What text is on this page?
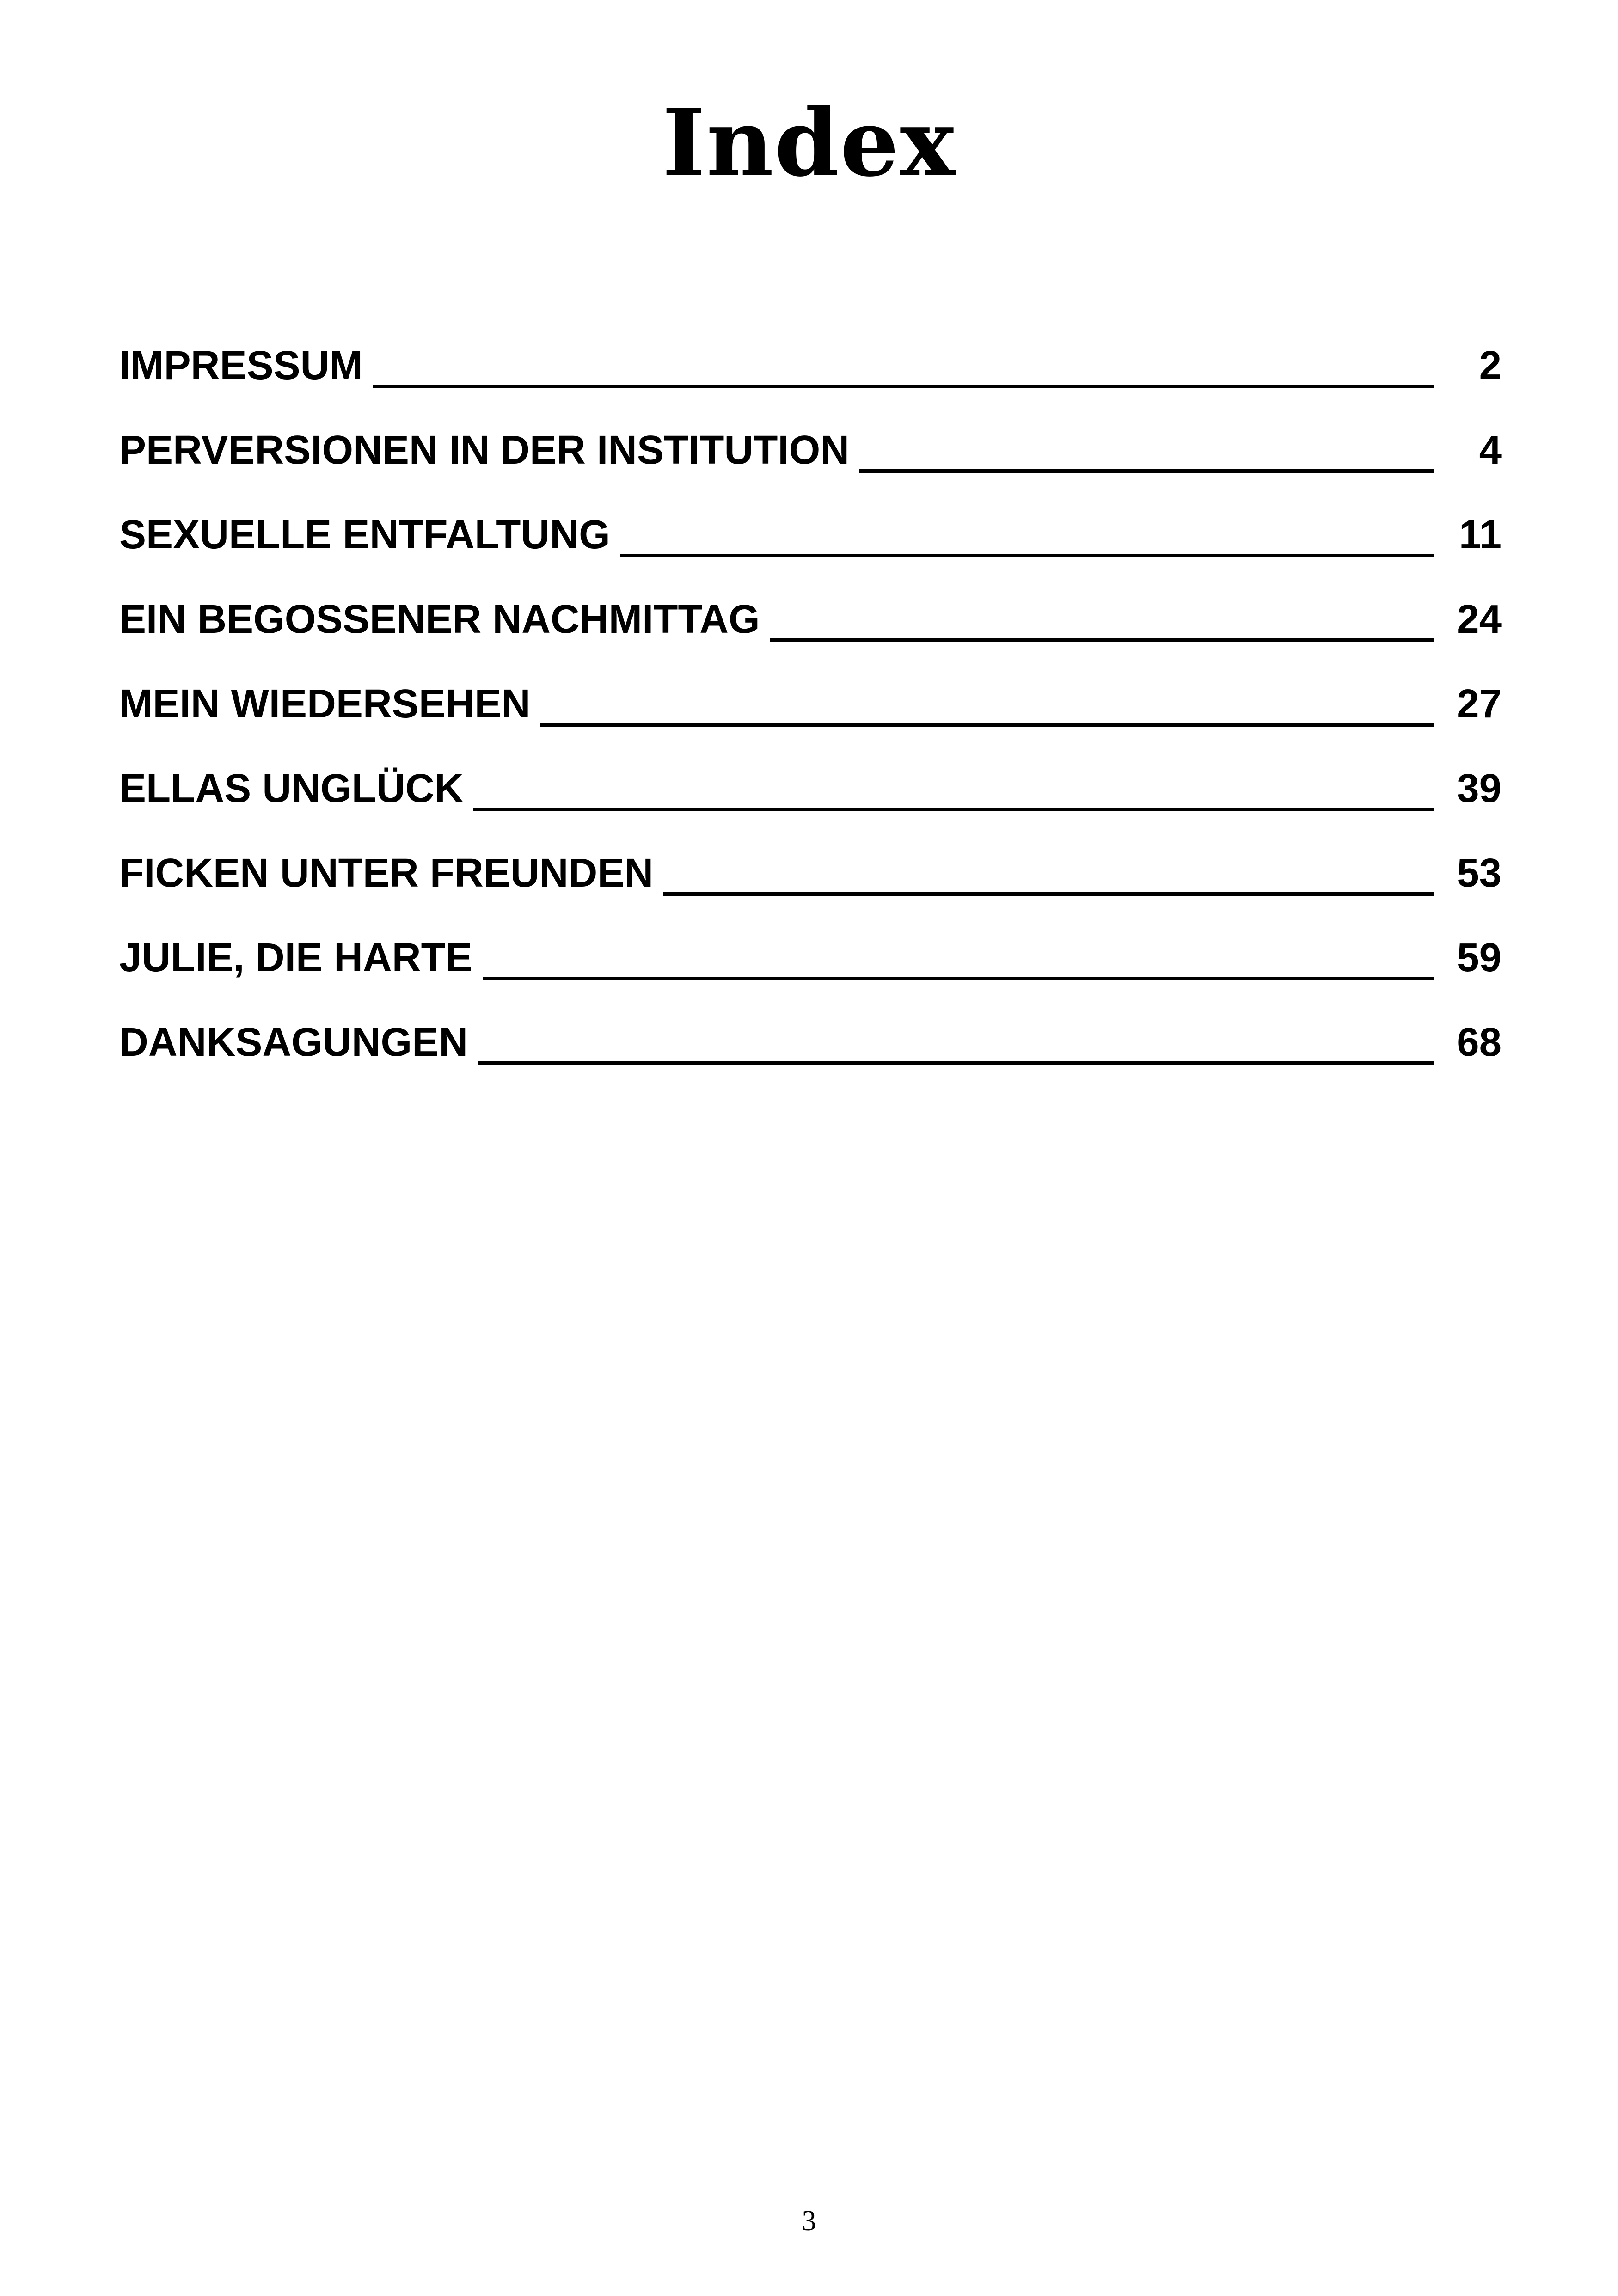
Index
IMPRESSUM	2
PERVERSIONEN IN DER INSTITUTION	4
SEXUELLE ENTFALTUNG	11
EIN BEGOSSENER NACHMITTAG	24
MEIN WIEDERSEHEN	27
ELLAS UNGLÜCK	39
FICKEN UNTER FREUNDEN	53
JULIE, DIE HARTE	59
DANKSAGUNGEN	68
3
